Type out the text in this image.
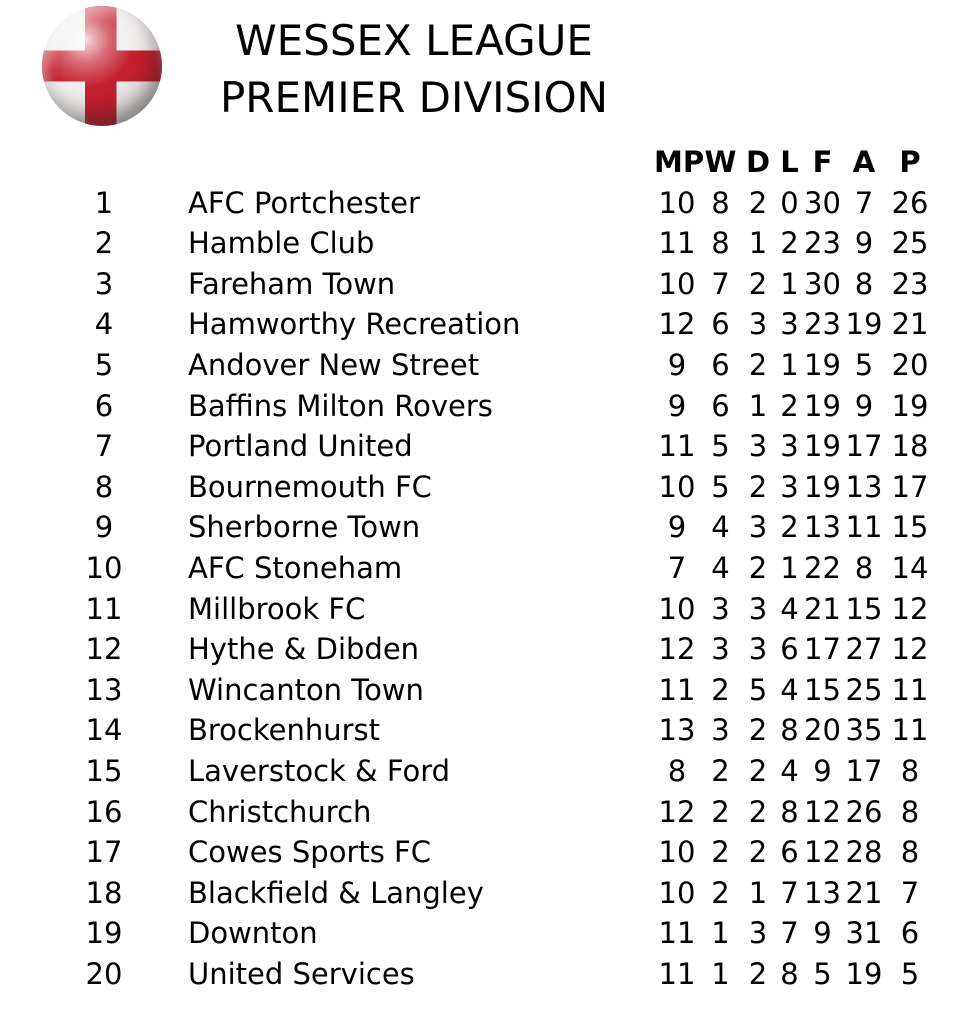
WESSEX LEAGUE
PREMIER DIVISION
MP W D L F A P
1	AFC Portchester	10 8 2 0 30 7 26
2	Hamble Club	11 8 1 2 23 9 25
3	Fareham Town	10 7 2 1 30 8 23
4	Hamworthy Recreation	12 6 3 3 23 19 21
5	Andover New Street	9 6 2 1 19 5 20
6	Baffins Milton Rovers	9 6 1 2 19 9 19
7	Portland United	11 5 3 3 19 17 18
8	Bournemouth FC	10 5 2 3 19 13 17
9	Sherborne Town	9 4 3 2 13 11 15
10	AFC Stoneham	7 4 2 1 22 8 14
11	Millbrook FC	10 3 3 4 21 15 12
12	Hythe & Dibden	12 3 3 6 17 27 12
13	Wincanton Town	11 2 5 4 15 25 11
14	Brockenhurst	13 3 2 8 20 35 11
15	Laverstock & Ford	8 2 2 4 9 17 8
16	Christchurch	12 2 2 8 12 26 8
17	Cowes Sports FC	10 2 2 6 12 28 8
18	Blackfield & Langley	10 2 1 7 13 21 7
19	Downton	11 1 3 7 9 31 6
20	United Services	11 1 2 8 5 19 5
